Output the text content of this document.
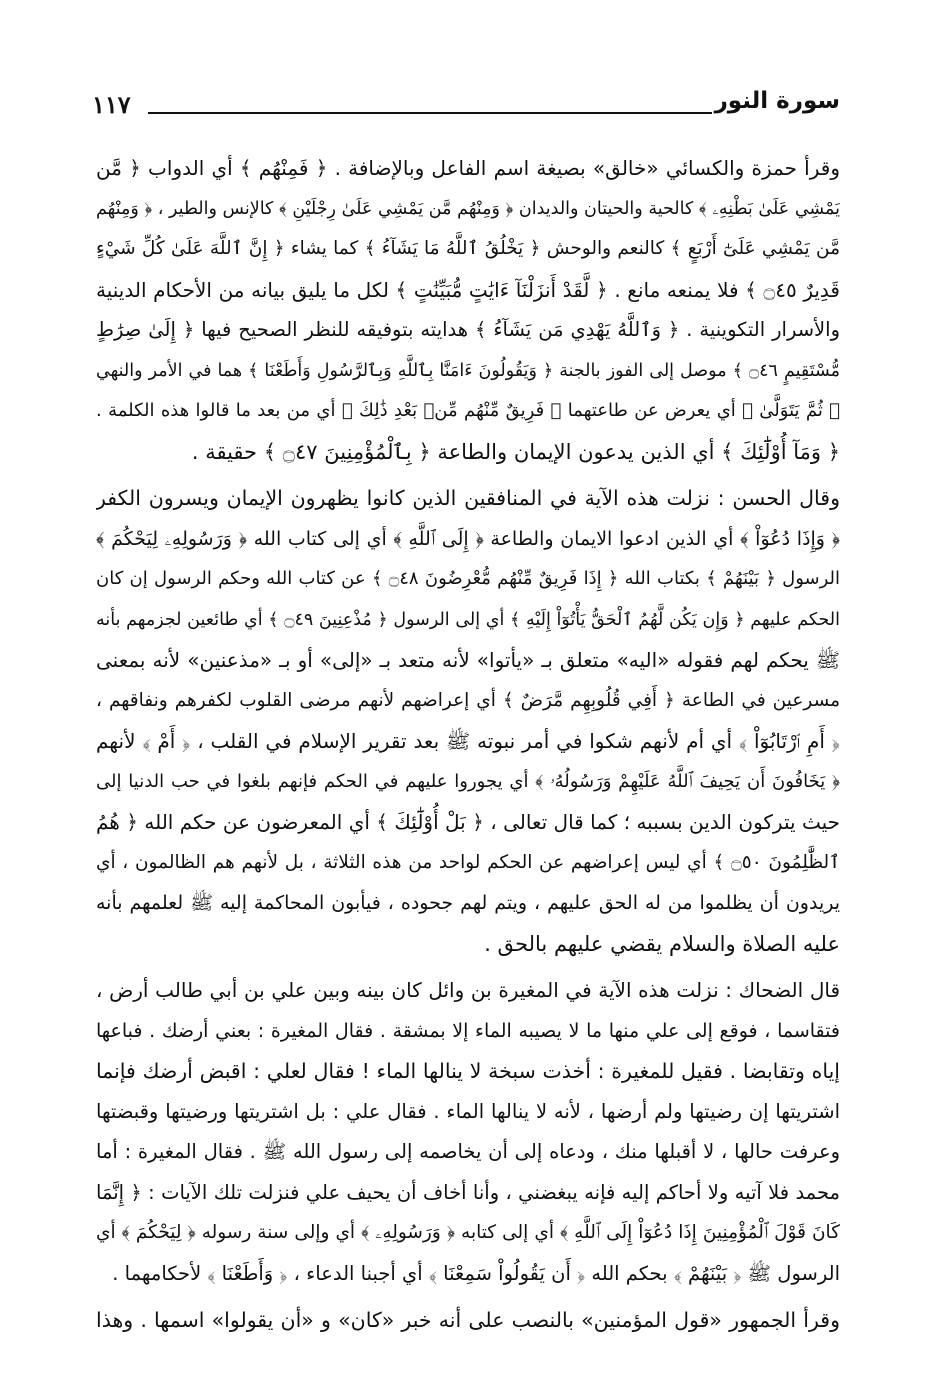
١١٧	سورة النور
وقرأ حمزة والكسائي «خالق» بصيغة اسم الفاعل وبالإضافة . ﴿ فَمِنْهُم ﴾ أي الدواب ﴿ مَّن
يَمْشِي عَلَىٰ بَطْنِهِۦ ﴾ كالحية والحيتان والديدان ﴿ وَمِنْهُم مَّن يَمْشِي عَلَىٰ رِجْلَيْنِ ﴾ كالإنس والطير ، ﴿ وَمِنْهُم
مَّن يَمْشِي عَلَىٰٓ أَرْبَعٍ ﴾ كالنعم والوحش ﴿ يَخْلُقُ ٱللَّهُ مَا يَشَآءُ ﴾ كما يشاء ﴿ إِنَّ ٱللَّهَ عَلَىٰ كُلِّ شَيْءٍ
قَدِيرٌ ۝٤٥ ﴾ فلا يمنعه مانع . ﴿ لَّقَدْ أَنزَلْنَآ ءَايَٰتٍ مُّبَيِّنَٰتٍ ﴾ لكل ما يليق بيانه من الأحكام الدينية
والأسرار التكوينية . ﴿ وَٱللَّهُ يَهْدِي مَن يَشَآءُ ﴾ هدايته بتوفيقه للنظر الصحيح فيها ﴿ إِلَىٰ صِرَٰطٍ
مُّسْتَقِيمٍ ۝٤٦ ﴾ موصل إلى الفوز بالجنة ﴿ وَيَقُولُونَ ءَامَنَّا بِٱللَّهِ وَبِٱلرَّسُولِ وَأَطَعْنَا ﴾ هما في الأمر والنهي
﴿ ثُمَّ يَتَوَلَّىٰ ﴾ أي يعرض عن طاعتهما ﴿ فَرِيقٌ مِّنْهُم مِّنۢ بَعْدِ ذَٰلِكَ ﴾ أي من بعد ما قالوا هذه الكلمة .
﴿ وَمَآ أُوْلَٰٓئِكَ ﴾ أي الذين يدعون الإيمان والطاعة ﴿ بِٱلْمُؤْمِنِينَ ۝٤٧ ﴾ حقيقة .
وقال الحسن : نزلت هذه الآية في المنافقين الذين كانوا يظهرون الإيمان ويسرون الكفر
﴿ وَإِذَا دُعُوٓاْ ﴾ أي الذين ادعوا الايمان والطاعة ﴿ إِلَى ٱللَّهِ ﴾ أي إلى كتاب الله ﴿ وَرَسُولِهِۦ لِيَحْكُمَ ﴾
الرسول ﴿ بَيْنَهُمْ ﴾ بكتاب الله ﴿ إِذَا فَرِيقٌ مِّنْهُم مُّعْرِضُونَ ۝٤٨ ﴾ عن كتاب الله وحكم الرسول إن كان
الحكم عليهم ﴿ وَإِن يَكُن لَّهُمُ ٱلْحَقُّ يَأْتُوٓاْ إِلَيْهِ ﴾ أي إلى الرسول ﴿ مُذْعِنِينَ ۝٤٩ ﴾ أي طائعين لجزمهم بأنه
ﷺ يحكم لهم فقوله «اليه» متعلق بـ «يأتوا» لأنه متعد بـ «إلى» أو بـ «مذعنين» لأنه بمعنى
مسرعين في الطاعة ﴿ أَفِي قُلُوبِهِم مَّرَضٌ ﴾ أي إعراضهم لأنهم مرضى القلوب لكفرهم ونفاقهم ،
﴿ أَمِ ٱرْتَابُوٓاْ ﴾ أي أم لأنهم شكوا في أمر نبوته ﷺ بعد تقرير الإسلام في القلب ، ﴿ أَمْ ﴾ لأنهم
﴿ يَخَافُونَ أَن يَحِيفَ ٱللَّهُ عَلَيْهِمْ وَرَسُولُهُۥ ﴾ أي يجوروا عليهم في الحكم فإنهم بلغوا في حب الدنيا إلى
حيث يتركون الدين بسببه ؛ كما قال تعالى ، ﴿ بَلْ أُوْلَٰٓئِكَ ﴾ أي المعرضون عن حكم الله ﴿ هُمُ
ٱلظَّٰلِمُونَ ۝٥٠ ﴾ أي ليس إعراضهم عن الحكم لواحد من هذه الثلاثة ، بل لأنهم هم الظالمون ، أي
يريدون أن يظلموا من له الحق عليهم ، ويتم لهم جحوده ، فيأبون المحاكمة إليه ﷺ لعلمهم بأنه
عليه الصلاة والسلام يقضي عليهم بالحق .
قال الضحاك : نزلت هذه الآية في المغيرة بن وائل كان بينه وبين علي بن أبي طالب أرض ،
فتقاسما ، فوقع إلى علي منها ما لا يصيبه الماء إلا بمشقة . فقال المغيرة : بعني أرضك . فباعها
إياه وتقابضا . فقيل للمغيرة : أخذت سبخة لا ينالها الماء ! فقال لعلي : اقبض أرضك فإنما
اشتريتها إن رضيتها ولم أرضها ، لأنه لا ينالها الماء . فقال علي : بل اشتريتها ورضيتها وقبضتها
وعرفت حالها ، لا أقبلها منك ، ودعاه إلى أن يخاصمه إلى رسول الله ﷺ . فقال المغيرة : أما
محمد فلا آتيه ولا أحاكم إليه فإنه يبغضني ، وأنا أخاف أن يحيف علي فنزلت تلك الآيات : ﴿ إِنَّمَا
كَانَ قَوْلَ ٱلْمُؤْمِنِينَ إِذَا دُعُوٓاْ إِلَى ٱللَّهِ ﴾ أي إلى كتابه ﴿ وَرَسُولِهِۦ ﴾ أي وإلى سنة رسوله ﴿ لِيَحْكُمَ ﴾ أي
الرسول ﷺ ﴿ بَيْنَهُمْ ﴾ بحكم الله ﴿ أَن يَقُولُواْ سَمِعْنَا ﴾ أي أجبنا الدعاء ، ﴿ وَأَطَعْنَا ﴾ لأحكامهما .
وقرأ الجمهور «قول المؤمنين» بالنصب على أنه خبر «كان» و «أن يقولوا» اسمها . وهذا
